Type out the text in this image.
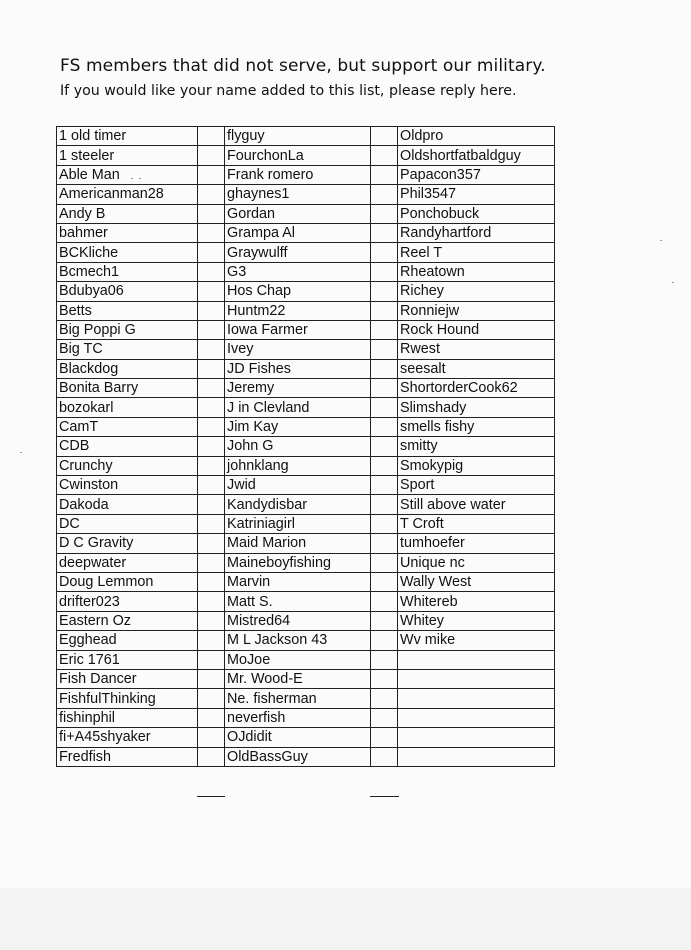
FS members that did not serve, but support our military.
If you would like your name added to this list, please reply here.
1 old timer		flyguy		Oldpro
1 steeler		FourchonLa		Oldshortfatbaldguy
Able Man		Frank romero		Papacon357
Americanman28		ghaynes1		Phil3547
Andy B		Gordan		Ponchobuck
bahmer		Grampa Al		Randyhartford
BCKliche		Graywulff		Reel T
Bcmech1		G3		Rheatown
Bdubya06		Hos Chap		Richey
Betts		Huntm22		Ronniejw
Big Poppi G		Iowa Farmer		Rock Hound
Big TC		Ivey		Rwest
Blackdog		JD Fishes		seesalt
Bonita Barry		Jeremy		ShortorderCook62
bozokarl		J in Clevland		Slimshady
CamT		Jim Kay		smells fishy
CDB		John G		smitty
Crunchy		johnklang		Smokypig
Cwinston		Jwid		Sport
Dakoda		Kandydisbar		Still above water
DC		Katriniagirl		T Croft
D C Gravity		Maid Marion		tumhoefer
deepwater		Maineboyfishing		Unique nc
Doug Lemmon		Marvin		Wally West
drifter023		Matt S.		Whitereb
Eastern Oz		Mistred64		Whitey
Egghead		M L Jackson 43		Wv mike
Eric 1761		MoJoe		
Fish Dancer		Mr. Wood-E		
FishfulThinking		Ne. fisherman		
fishinphil		neverfish		
fi+A45shyaker		OJdidit		
Fredfish		OldBassGuy		
